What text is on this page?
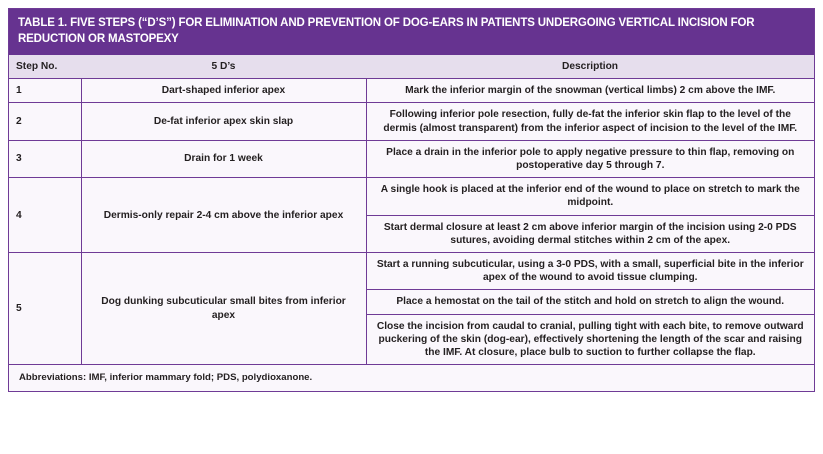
TABLE 1. FIVE STEPS (“D’S”) FOR ELIMINATION AND PREVENTION OF DOG-EARS IN PATIENTS UNDERGOING VERTICAL INCISION FOR REDUCTION OR MASTOPEXY
Step No.	5 D’s	Description
1	Dart-shaped inferior apex	Mark the inferior margin of the snowman (vertical limbs) 2 cm above the IMF.
2	De-fat inferior apex skin slap	Following inferior pole resection, fully de-fat the inferior skin flap to the level of the dermis (almost transparent) from the inferior aspect of incision to the level of the IMF.
3	Drain for 1 week	Place a drain in the inferior pole to apply negative pressure to thin flap, removing on postoperative day 5 through 7.
4	Dermis-only repair 2-4 cm above the inferior apex	A single hook is placed at the inferior end of the wound to place on stretch to mark the midpoint.
		Start dermal closure at least 2 cm above inferior margin of the incision using 2-0 PDS sutures, avoiding dermal stitches within 2 cm of the apex.
5	Dog dunking subcuticular small bites from inferior apex	Start a running subcuticular, using a 3-0 PDS, with a small, superficial bite in the inferior apex of the wound to avoid tissue clumping.
		Place a hemostat on the tail of the stitch and hold on stretch to align the wound.
		Close the incision from caudal to cranial, pulling tight with each bite, to remove outward puckering of the skin (dog-ear), effectively shortening the length of the scar and raising the IMF. At closure, place bulb to suction to further collapse the flap.
Abbreviations: IMF, inferior mammary fold; PDS, polydioxanone.
